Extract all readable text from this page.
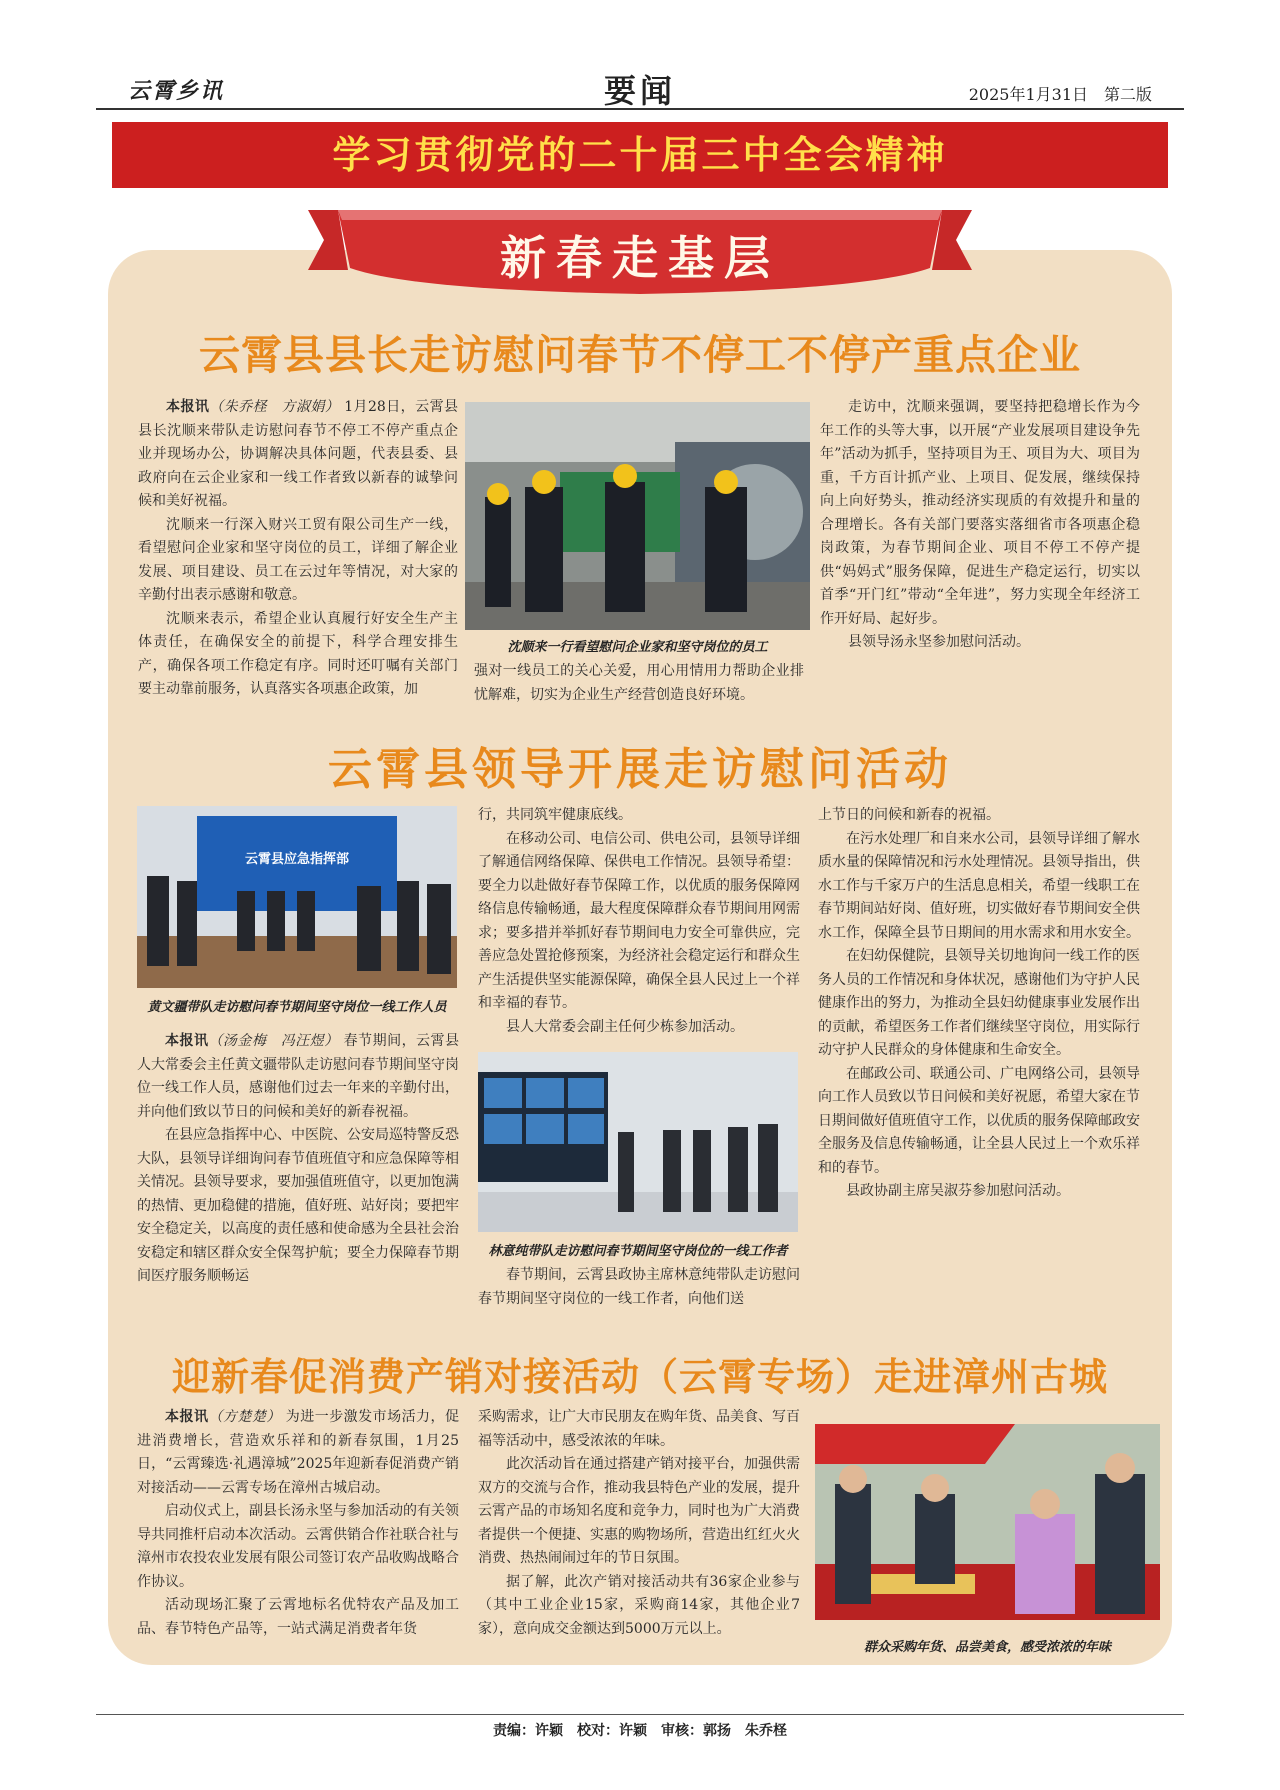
云霄乡讯	要闻	2025年1月31日　第二版
学习贯彻党的二十届三中全会精神
新春走基层
云霄县县长走访慰问春节不停工不停产重点企业

本报讯（朱乔柽　方淑娟） 1月28日，云霄县县长沈顺来带队走访慰问春节不停工不停产重点企业并现场办公，协调解决具体问题，代表县委、县政府向在云企业家和一线工作者致以新春的诚挚问候和美好祝福。

沈顺来一行深入财兴工贸有限公司生产一线，看望慰问企业家和坚守岗位的员工，详细了解企业发展、项目建设、员工在云过年等情况，对大家的辛勤付出表示感谢和敬意。

沈顺来表示，希望企业认真履行好安全生产主体责任，在确保安全的前提下，科学合理安排生产，确保各项工作稳定有序。同时还叮嘱有关部门要主动靠前服务，认真落实各项惠企政策，加

沈顺来一行看望慰问企业家和坚守岗位的员工

强对一线员工的关心关爱，用心用情用力帮助企业排忧解难，切实为企业生产经营创造良好环境。

走访中，沈顺来强调，要坚持把稳增长作为今年工作的头等大事，以开展“产业发展项目建设争先年”活动为抓手，坚持项目为王、项目为大、项目为重，千方百计抓产业、上项目、促发展，继续保持向上向好势头，推动经济实现质的有效提升和量的合理增长。各有关部门要落实落细省市各项惠企稳岗政策，为春节期间企业、项目不停工不停产提供“妈妈式”服务保障，促进生产稳定运行，切实以首季“开门红”带动“全年进”，努力实现全年经济工作开好局、起好步。

县领导汤永坚参加慰问活动。

云霄县领导开展走访慰问活动
云霄县应急指挥部
黄文疆带队走访慰问春节期间坚守岗位一线工作人员

本报讯（汤金梅　冯汪煜） 春节期间，云霄县人大常委会主任黄文疆带队走访慰问春节期间坚守岗位一线工作人员，感谢他们过去一年来的辛勤付出，并向他们致以节日的问候和美好的新春祝福。

在县应急指挥中心、中医院、公安局巡特警反恐大队，县领导详细询问春节值班值守和应急保障等相关情况。县领导要求，要加强值班值守，以更加饱满的热情、更加稳健的措施，值好班、站好岗；要把牢安全稳定关，以高度的责任感和使命感为全县社会治安稳定和辖区群众安全保驾护航；要全力保障春节期间医疗服务顺畅运

行，共同筑牢健康底线。

在移动公司、电信公司、供电公司，县领导详细了解通信网络保障、保供电工作情况。县领导希望：要全力以赴做好春节保障工作，以优质的服务保障网络信息传输畅通，最大程度保障群众春节期间用网需求；要多措并举抓好春节期间电力安全可靠供应，完善应急处置抢修预案，为经济社会稳定运行和群众生产生活提供坚实能源保障，确保全县人民过上一个祥和幸福的春节。

县人大常委会副主任何少栋参加活动。

林意纯带队走访慰问春节期间坚守岗位的一线工作者

春节期间，云霄县政协主席林意纯带队走访慰问春节期间坚守岗位的一线工作者，向他们送

上节日的问候和新春的祝福。

在污水处理厂和自来水公司，县领导详细了解水质水量的保障情况和污水处理情况。县领导指出，供水工作与千家万户的生活息息相关，希望一线职工在春节期间站好岗、值好班，切实做好春节期间安全供水工作，保障全县节日期间的用水需求和用水安全。

在妇幼保健院，县领导关切地询问一线工作的医务人员的工作情况和身体状况，感谢他们为守护人民健康作出的努力，为推动全县妇幼健康事业发展作出的贡献，希望医务工作者们继续坚守岗位，用实际行动守护人民群众的身体健康和生命安全。

在邮政公司、联通公司、广电网络公司，县领导向工作人员致以节日问候和美好祝愿，希望大家在节日期间做好值班值守工作，以优质的服务保障邮政安全服务及信息传输畅通，让全县人民过上一个欢乐祥和的春节。

县政协副主席吴淑芬参加慰问活动。

迎新春促消费产销对接活动（云霄专场）走进漳州古城

本报讯（方楚楚） 为进一步激发市场活力，促进消费增长，营造欢乐祥和的新春氛围，1月25日，“云霄臻选·礼遇漳城”2025年迎新春促消费产销对接活动——云霄专场在漳州古城启动。

启动仪式上，副县长汤永坚与参加活动的有关领导共同推杆启动本次活动。云霄供销合作社联合社与漳州市农投农业发展有限公司签订农产品收购战略合作协议。

活动现场汇聚了云霄地标名优特农产品及加工品、春节特色产品等，一站式满足消费者年货

采购需求，让广大市民朋友在购年货、品美食、写百福等活动中，感受浓浓的年味。

此次活动旨在通过搭建产销对接平台，加强供需双方的交流与合作，推动我县特色产业的发展，提升云霄产品的市场知名度和竞争力，同时也为广大消费者提供一个便捷、实惠的购物场所，营造出红红火火消费、热热闹闹过年的节日氛围。

据了解，此次产销对接活动共有36家企业参与（其中工业企业15家，采购商14家，其他企业7家），意向成交金额达到5000万元以上。

群众采购年货、品尝美食，感受浓浓的年味
责编：许颖　校对：许颖　审核：郭扬　朱乔柽
